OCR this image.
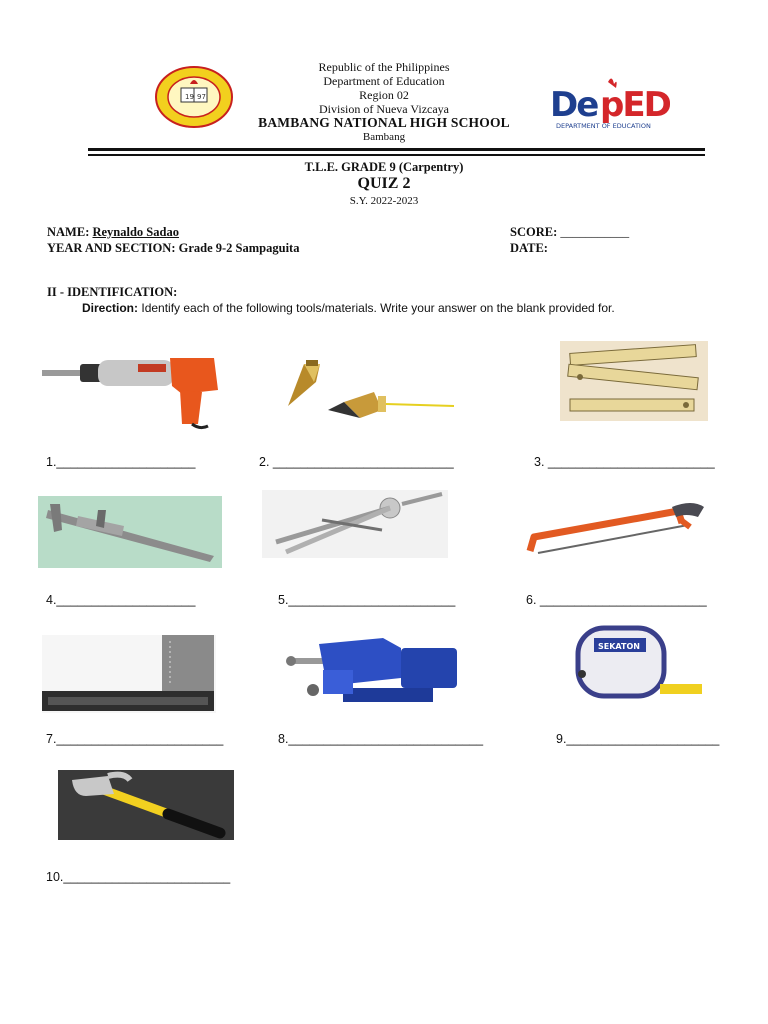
19 97
Republic of the Philippines
Department of Education
Region 02
Division of Nueva Vizcaya
BAMBANG NATIONAL HIGH SCHOOL
Bambang
De pED
DEPARTMENT OF EDUCATION
T.L.E. GRADE 9 (Carpentry)
QUIZ 2
S.Y. 2022-2023
NAME: Reynaldo Sadao
YEAR AND SECTION: Grade 9-2 Sampaguita
SCORE: ___________
DATE:
II - IDENTIFICATION:
Direction: Identify each of the following tools/materials. Write your answer on the blank provided for.
SEKATON
1.____________________	2. __________________________	3. ________________________
4.____________________	5.________________________	6. ________________________
7.________________________	8.____________________________	9.______________________
10.________________________
